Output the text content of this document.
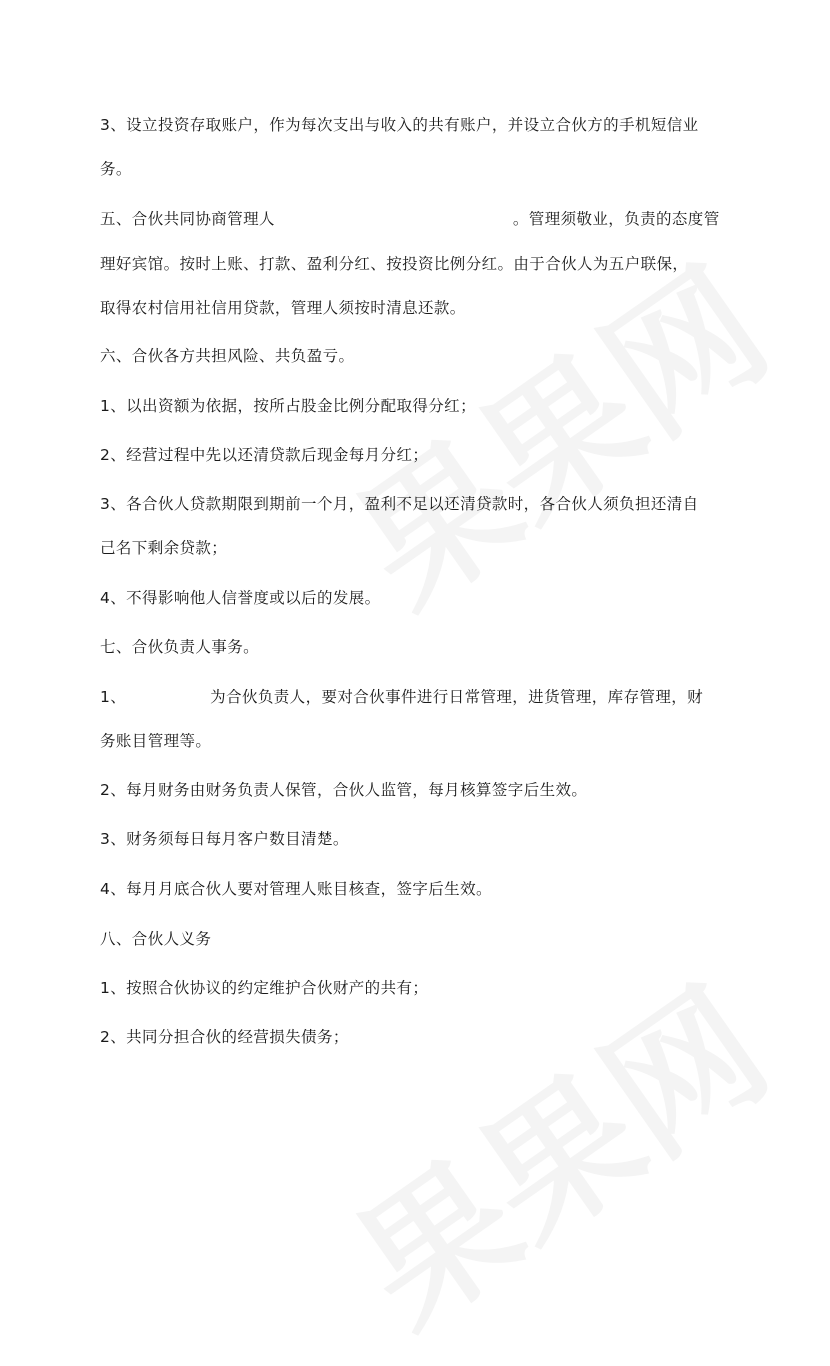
3、设立投资存取账户，作为每次支出与收入的共有账户，并设立合伙方的手机短信业
务。
五、合伙共同协商管理人	。管理须敬业，负责的态度管
理好宾馆。按时上账、打款、盈利分红、按投资比例分红。由于合伙人为五户联保，
取得农村信用社信用贷款，管理人须按时清息还款。
六、合伙各方共担风险、共负盈亏。
1、以出资额为依据，按所占股金比例分配取得分红；
2、经营过程中先以还清贷款后现金每月分红；
3、各合伙人贷款期限到期前一个月，盈利不足以还清贷款时，各合伙人须负担还清自
己名下剩余贷款；
4、不得影响他人信誉度或以后的发展。
七、合伙负责人事务。
1、	为合伙负责人，要对合伙事件进行日常管理，进货管理，库存管理，财
务账目管理等。
2、每月财务由财务负责人保管，合伙人监管，每月核算签字后生效。
3、财务须每日每月客户数目清楚。
4、每月月底合伙人要对管理人账目核查，签字后生效。
八、合伙人义务
1、按照合伙协议的约定维护合伙财产的共有；
2、共同分担合伙的经营损失债务；
